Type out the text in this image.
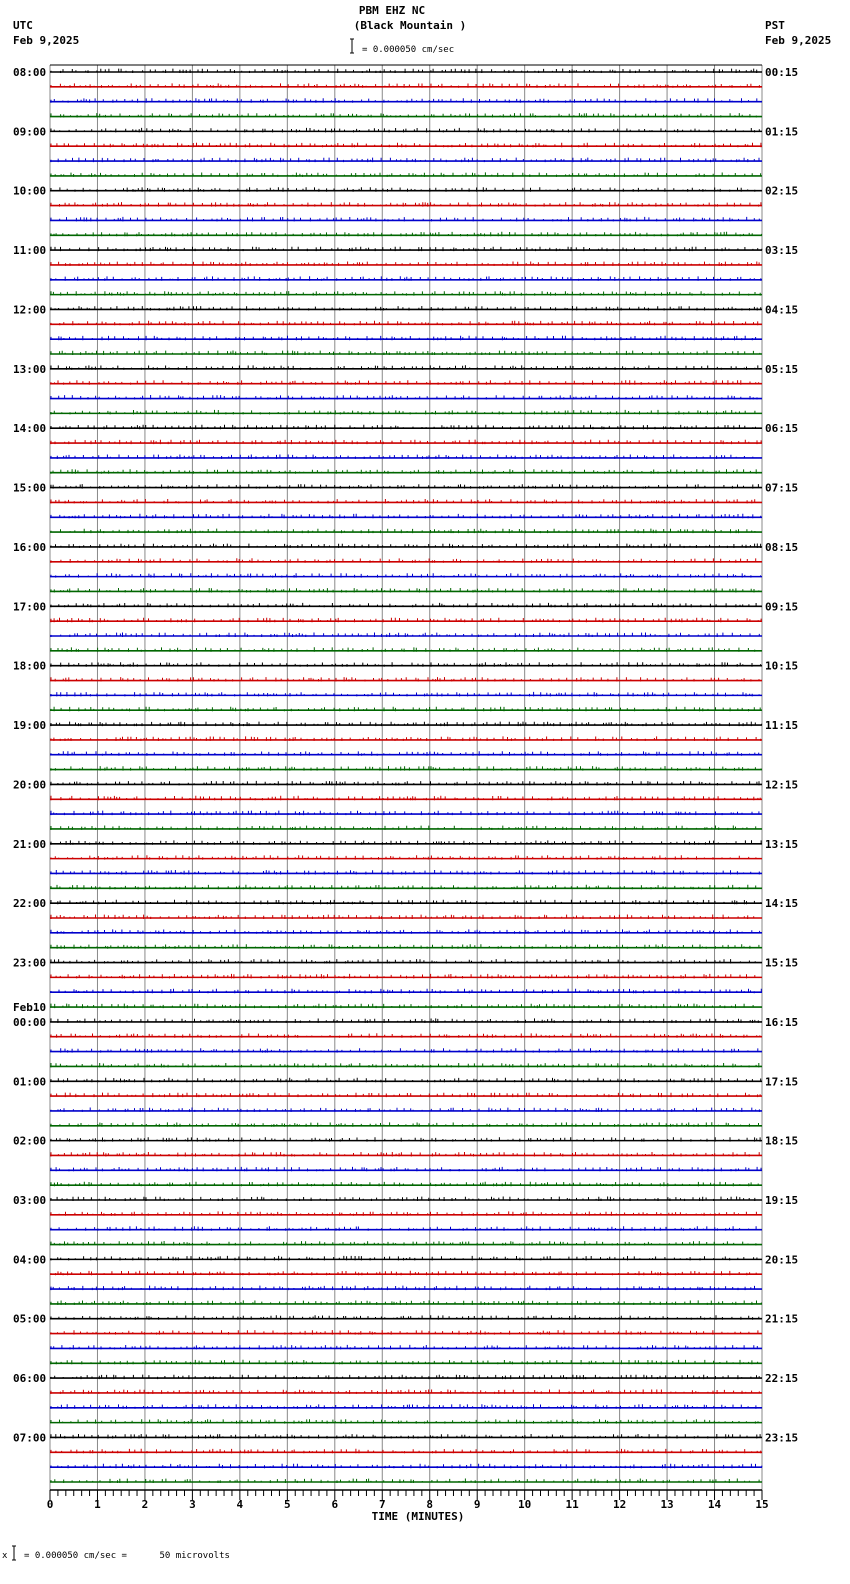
PBM EHZ NC
(Black Mountain )
UTC
Feb 9,2025
PST
Feb 9,2025
= 0.000050 cm/sec
08:00	00:15
09:00	01:15
10:00	02:15
11:00	03:15
12:00	04:15
13:00	05:15
14:00	06:15
15:00	07:15
16:00	08:15
17:00	09:15
18:00	10:15
19:00	11:15
20:00	12:15
21:00	13:15
22:00	14:15
23:00	15:15
00:00	16:15
Feb10
01:00	17:15
02:00	18:15
03:00	19:15
04:00	20:15
05:00	21:15
06:00	22:15
07:00	23:15
0	1	2	3	4	5	6	7	8	9	10	11	12	13	14	15
TIME (MINUTES)
x = 0.000050 cm/sec =      50 microvolts
